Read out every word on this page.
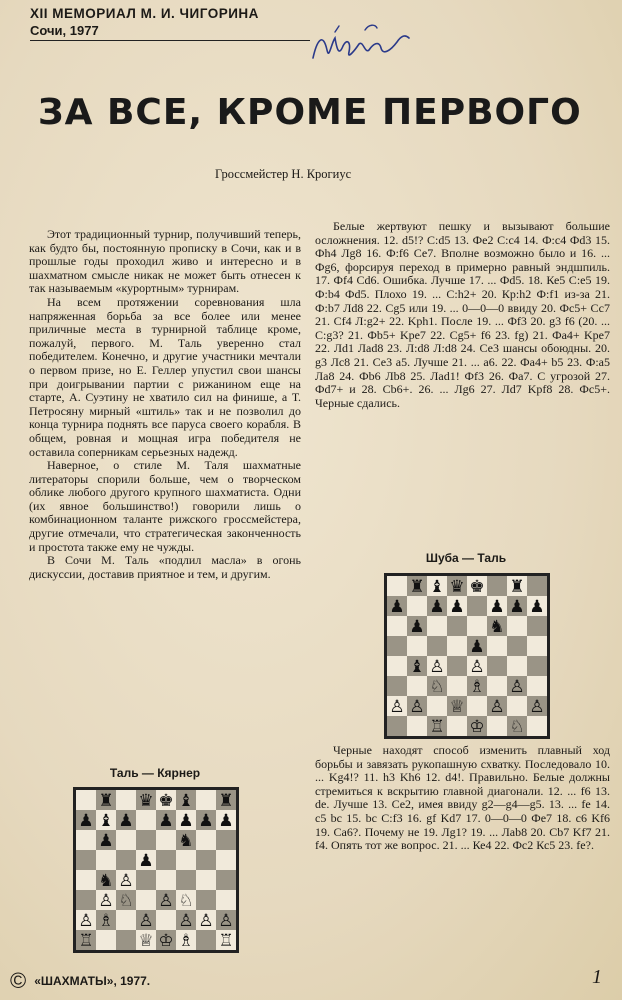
XII МЕМОРИАЛ М. И. ЧИГОРИНА
Сочи, 1977
ЗА ВСЕ, КРОМЕ ПЕРВОГО
Гроссмейстер Н. Крогиус

Этот традиционный турнир, получивший теперь, как будто бы, постоянную прописку в Сочи, как и в прошлые годы проходил живо и интересно и в шахматном смысле никак не может быть отнесен к так называемым «курортным» турнирам.

На всем протяжении соревнования шла напряженная борьба за все более или менее приличные места в турнирной таблице кроме, пожалуй, первого. М. Таль уверенно стал победителем. Конечно, и другие участники мечтали о первом призе, но Е. Геллер упустил свои шансы при доигрывании партии с рижанином еще на старте, А. Суэтину не хватило сил на финише, а Т. Петросяну мирный «штиль» так и не позволил до конца турнира поднять все паруса своего корабля. В общем, ровная и мощная игра победителя не оставила соперникам серьезных надежд.

Наверное, о стиле М. Таля шахматные литераторы спорили больше, чем о творческом облике любого другого крупного шахматиста. Одни (их явное большинство!) говорили лишь о комбинационном таланте рижского гроссмейстера, другие отмечали, что стратегическая законченность и простота также ему не чужды.

В Сочи М. Таль «подлил масла» в огонь дискуссии, доставив приятное и тем, и другим.

Таль — Кярнер
♜ ♛ ♚ ♝ ♜
♟ ♝ ♟ ♟ ♟ ♟ ♟
♟	♞
♟
♞ ♙
♙ ♘ ♙ ♘
♙ ♗ ♙ ♙ ♙ ♙
♖	♕ ♔ ♗ ♖
Белые жертвуют пешку и вызывают большие осложнения. 12. d5!? С:d5 13. Фе2 С:с4 14. Ф:с4 Фd3 15. Фh4 Лg8 16. Ф:f6 Се7. Вполне возможно было и 16. ... Фg6, форсируя переход в примерно равный эндшпиль. 17. Фf4 Cd6. Ошибка. Лучше 17. ... Фd5. 18. Ке5 С:е5 19. Ф:b4 Фd5. Плохо 19. ... С:h2+ 20. Кр:h2 Ф:f1 из-за 21. Ф:b7 Лd8 22. Cg5 или 19. ... 0—0—0 ввиду 20. Фс5+ Сс7 21. Cf4 Л:g2+ 22. Kph1. После 19. ... Фf3 20. g3 f6 (20. ... С:g3? 21. Фb5+ Kpe7 22. Cg5+ f6 23. fg) 21. Фa4+ Kpe7 22. Лd1 Лad8 23. Л:d8 Л:d8 24. Се3 шансы обоюдны. 20. g3 Лс8 21. Се3 а5. Лучше 21. ... а6. 22. Фа4+ b5 23. Ф:а5 Ла8 24. Фb6 Лb8 25. Лad1! Фf3 26. Фа7. С угрозой 27. Фd7+ и 28. Cb6+. 26. ... Лg6 27. Лd7 Kpf8 28. Фс5+. Черные сдались.
Шуба — Таль
♜ ♝ ♛ ♚ ♜
♟ ♟ ♟ ♟ ♟ ♟
♟	♞
♟
♝ ♙ ♙
♘ ♗ ♙
♙ ♙ ♕ ♙ ♙
♖ ♔ ♘
Черные находят способ изменить плавный ход борьбы и завязать рукопашную схватку. Последовало 10. ... Kg4!? 11. h3 Kh6 12. d4!. Правильно. Белые должны стремиться к вскрытию главной диагонали. 12. ... f6 13. de. Лучше 13. Се2, имея ввиду g2—g4—g5. 13. ... fe 14. c5 bc 15. bc С:f3 16. gf Kd7 17. 0—0—0 Фе7 18. c6 Kf6 19. Са6?. Почему не 19. Лg1? 19. ... Лab8 20. Cb7 Kf7 21. f4. Опять тот же вопрос. 21. ... Ке4 22. Фс2 Кс5 23. fe?.
© «ШАХМАТЫ», 1977.	1
